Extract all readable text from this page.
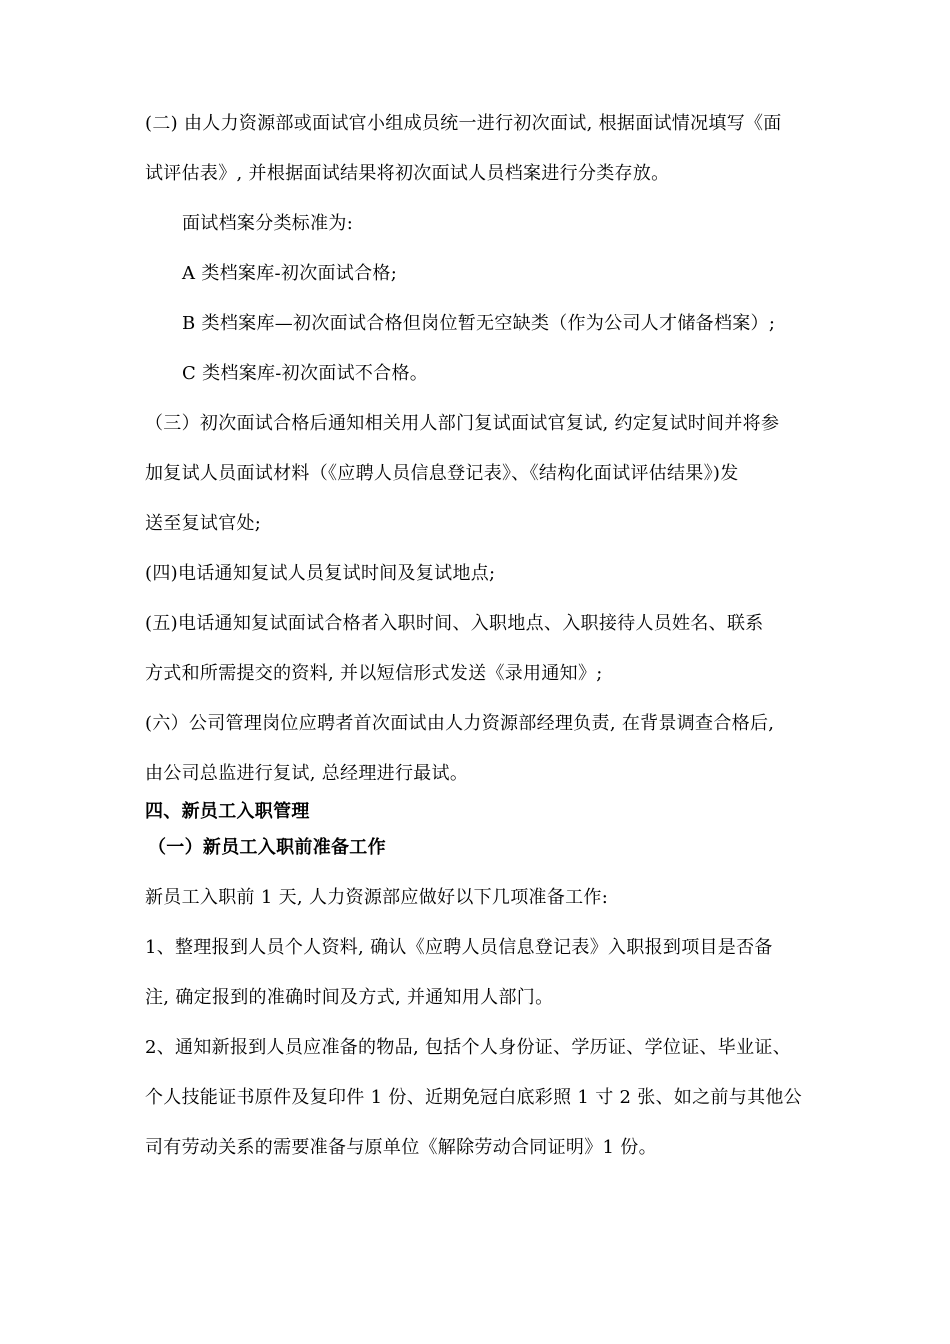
(二) 由人力资源部或面试官小组成员统一进行初次面试, 根据面试情况填写《面
试评估表》, 并根据面试结果将初次面试人员档案进行分类存放。
面试档案分类标准为:
A 类档案库-初次面试合格;
B 类档案库—初次面试合格但岗位暂无空缺类（作为公司人才储备档案）;
C 类档案库-初次面试不合格。
（三）初次面试合格后通知相关用人部门复试面试官复试, 约定复试时间并将参
加复试人员面试材料（《应聘人员信息登记表》、《结构化面试评估结果》)发
送至复试官处;
(四)电话通知复试人员复试时间及复试地点;
(五)电话通知复试面试合格者入职时间、入职地点、入职接待人员姓名、联系
方式和所需提交的资料, 并以短信形式发送《录用通知》;
(六）公司管理岗位应聘者首次面试由人力资源部经理负责, 在背景调查合格后,
由公司总监进行复试, 总经理进行最试。
四、新员工入职管理
（一）新员工入职前准备工作
新员工入职前 1 天, 人力资源部应做好以下几项准备工作:
1、整理报到人员个人资料, 确认《应聘人员信息登记表》入职报到项目是否备
注, 确定报到的准确时间及方式, 并通知用人部门。
2、通知新报到人员应准备的物品, 包括个人身份证、学历证、学位证、毕业证、
个人技能证书原件及复印件 1 份、近期免冠白底彩照 1 寸 2 张、如之前与其他公
司有劳动关系的需要准备与原单位《解除劳动合同证明》1 份。
